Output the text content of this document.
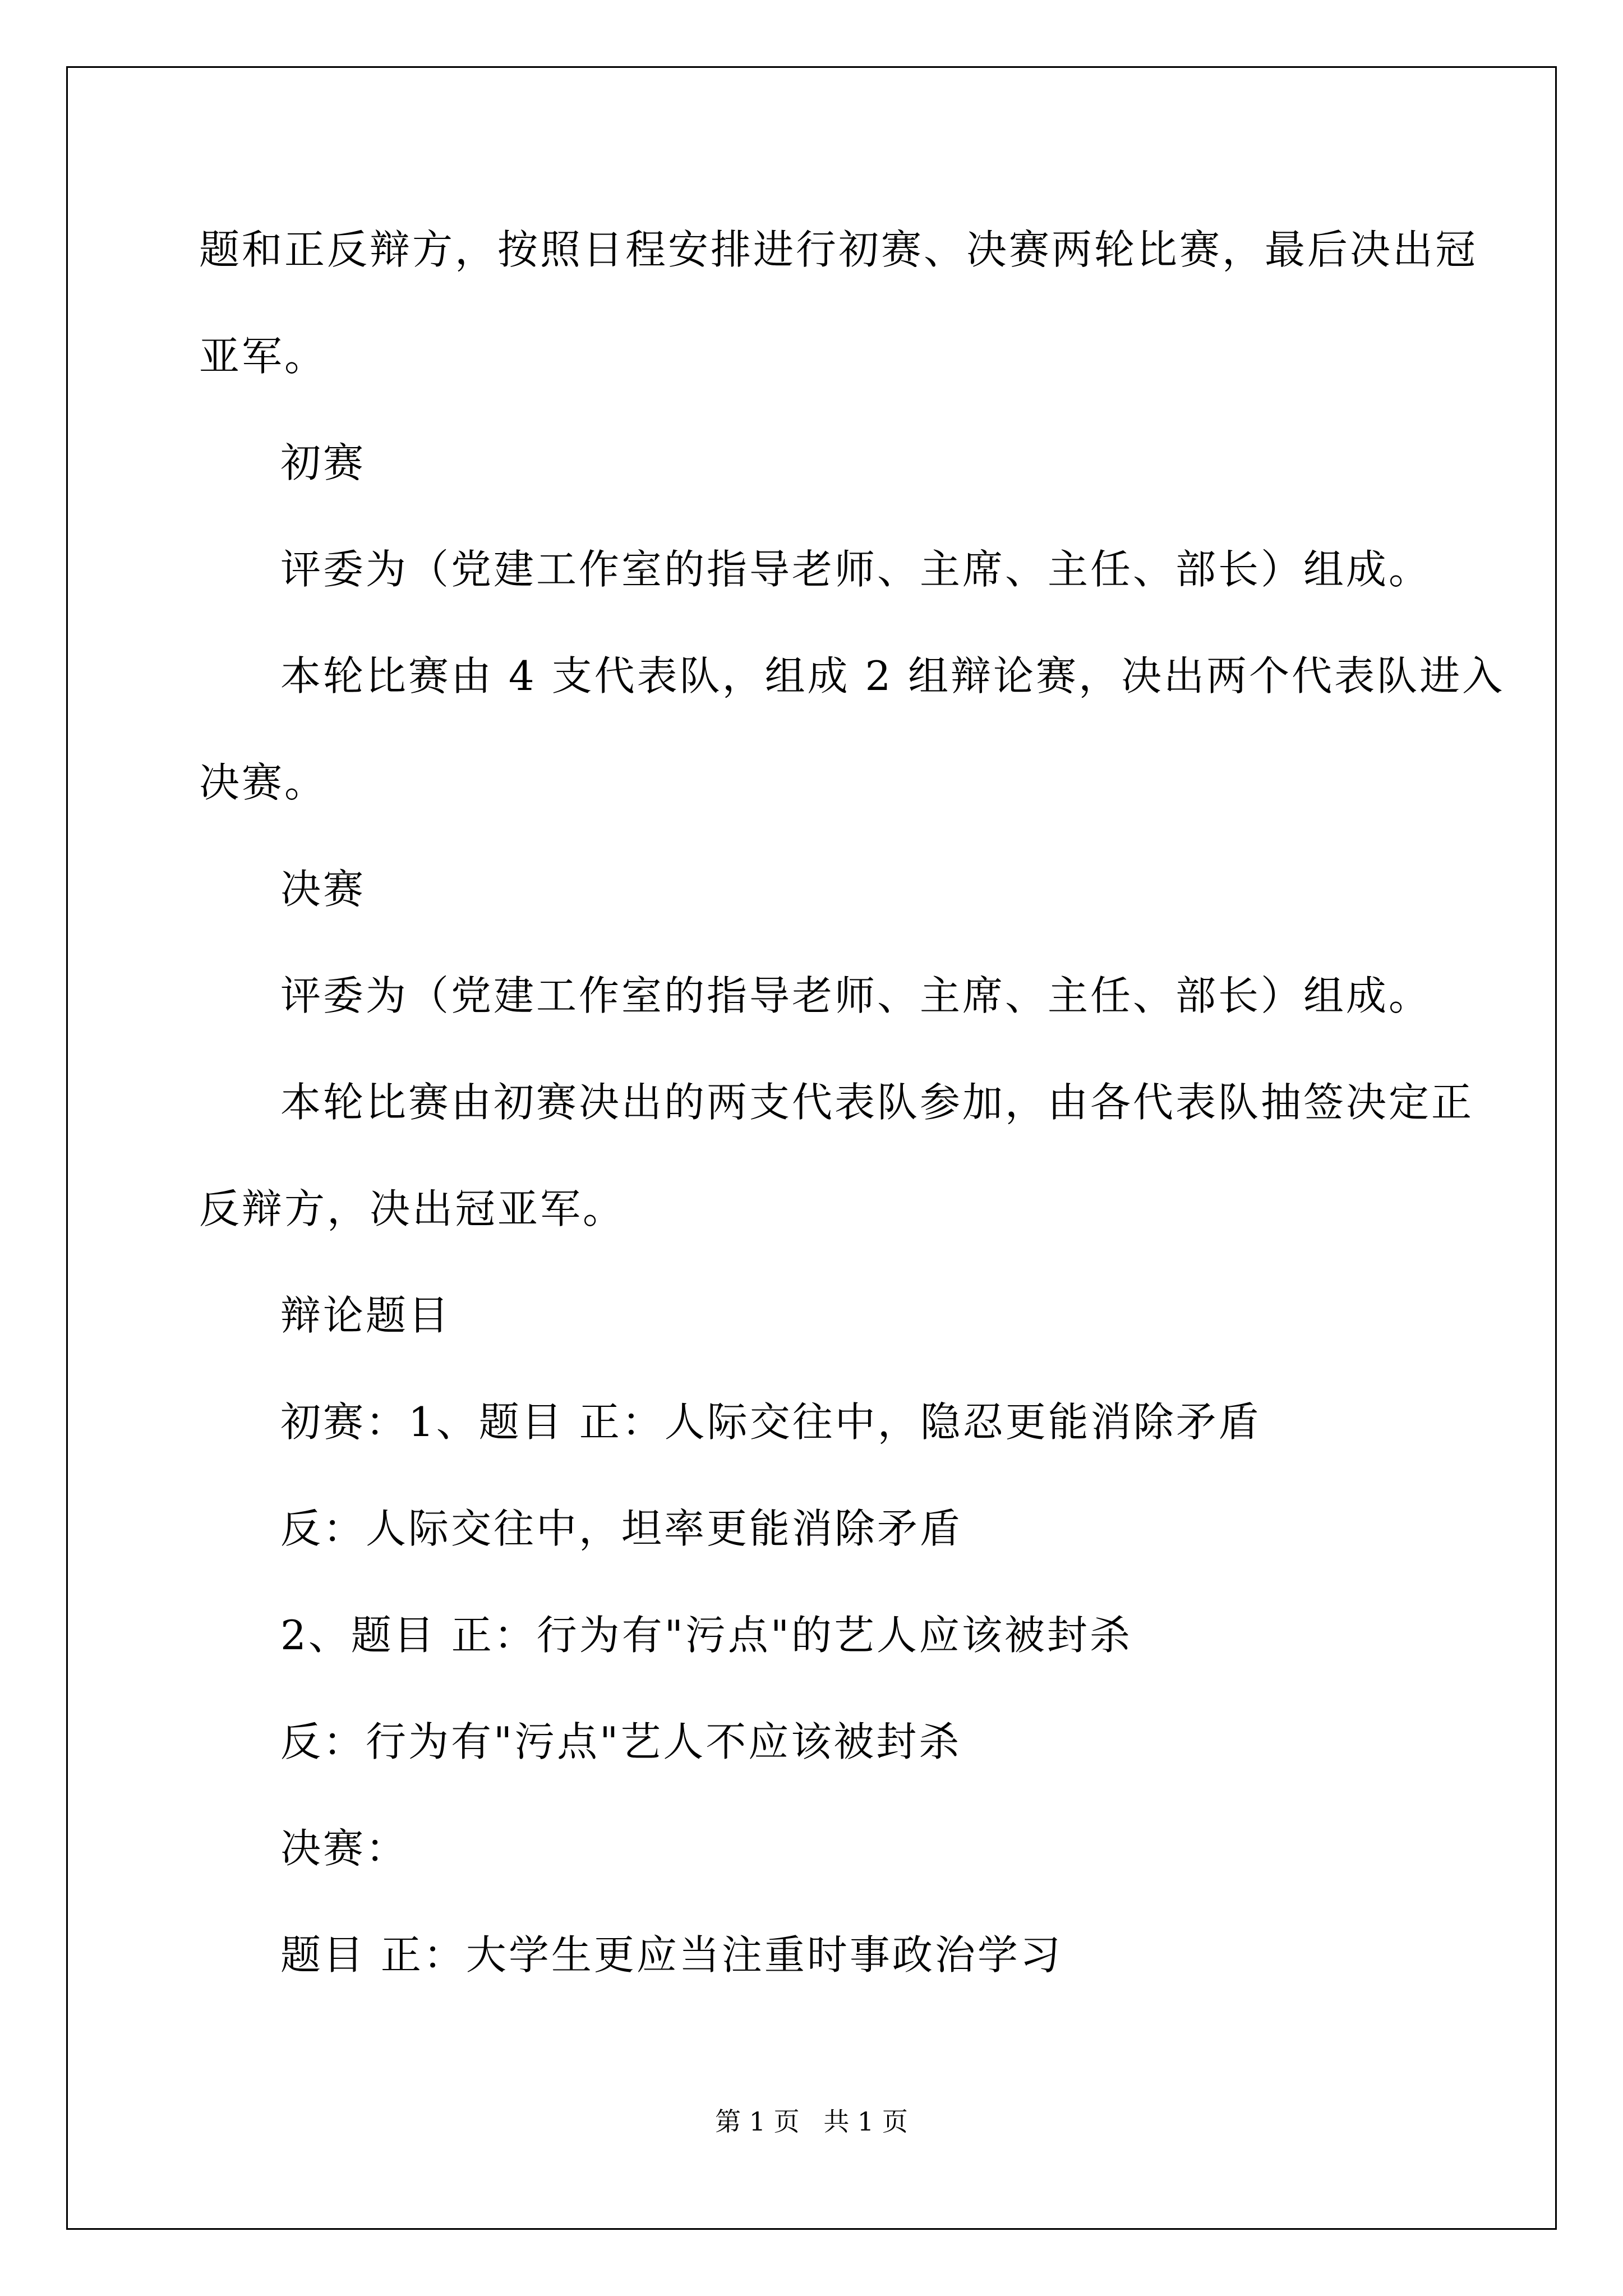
题和正反辩方，按照日程安排进行初赛、决赛两轮比赛，最后决出冠
亚军。
初赛
评委为（党建工作室的指导老师、主席、主任、部长）组成。
本轮比赛由 4 支代表队，组成 2 组辩论赛，决出两个代表队进入
决赛。
决赛
评委为（党建工作室的指导老师、主席、主任、部长）组成。
本轮比赛由初赛决出的两支代表队参加，由各代表队抽签决定正
反辩方，决出冠亚军。
辩论题目
初赛：1、题目 正：人际交往中，隐忍更能消除矛盾
反：人际交往中，坦率更能消除矛盾
2、题目 正：行为有"污点"的艺人应该被封杀
反：行为有"污点"艺人不应该被封杀
决赛：
题目 正：大学生更应当注重时事政治学习
第 1 页 共 1 页
